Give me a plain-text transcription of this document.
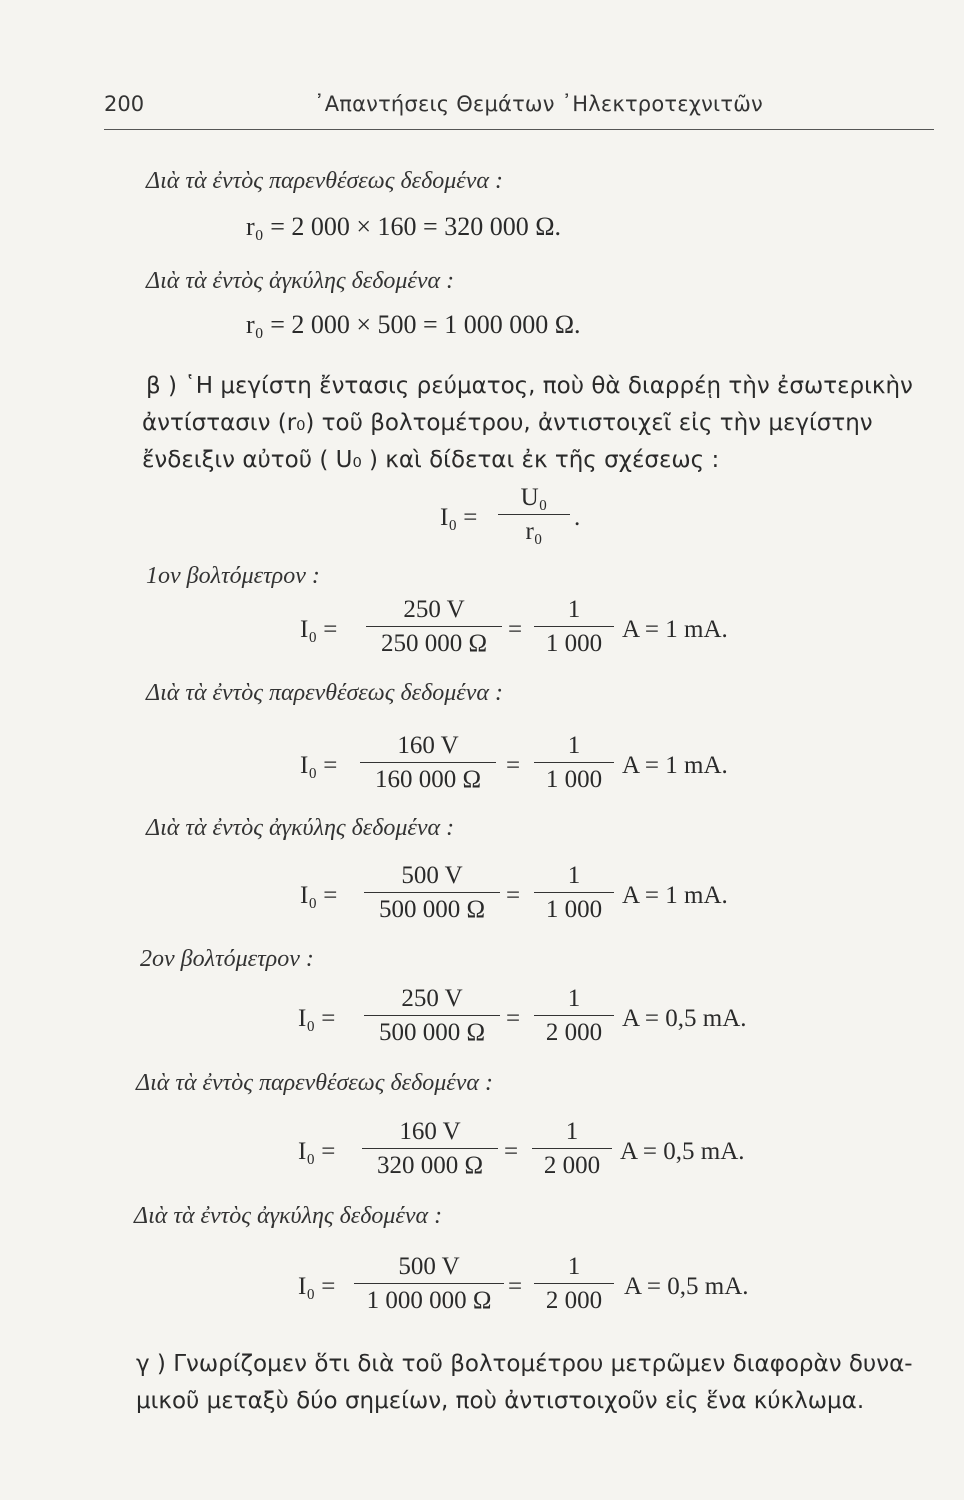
200	᾿Απαντήσεις Θεμάτων ᾿Ηλεκτροτεχνιτῶν
Διὰ τὰ ἐντὸς παρενθέσεως δεδομένα :
r₀ = 2 000 × 160 = 320 000 Ω.
Διὰ τὰ ἐντὸς ἀγκύλης δεδομένα :
r₀ = 2 000 × 500 = 1 000 000 Ω.
β ) ῾Η μεγίστη ἔντασις ρεύματος, ποὺ θὰ διαρρέῃ τὴν ἐσωτερικὴν
ἀντίστασιν (r₀) τοῦ βολτομέτρου, ἀντιστοιχεῖ εἰς τὴν μεγίστην
ἔνδειξιν αὐτοῦ ( U₀ ) καὶ δίδεται ἐκ τῆς σχέσεως :
I₀ =
U₀
r₀
.
1ον βολτόμετρον :
I₀ =
250 V
250 000 Ω
=
1
1 000
A = 1 mA.
Διὰ τὰ ἐντὸς παρενθέσεως δεδομένα :
I₀ =
160 V
160 000 Ω
=
1
1 000
A = 1 mA.
Διὰ τὰ ἐντὸς ἀγκύλης δεδομένα :
I₀ =
500 V
500 000 Ω
=
1
1 000
A = 1 mA.
2ον βολτόμετρον :
I₀ =
250 V
500 000 Ω
=
1
2 000
A = 0,5 mA.
Διὰ τὰ ἐντὸς παρενθέσεως δεδομένα :
I₀ =
160 V
320 000 Ω
=
1
2 000
A = 0,5 mA.
Διὰ τὰ ἐντὸς ἀγκύλης δεδομένα :
I₀ =
500 V
1 000 000 Ω
=
1
2 000
A = 0,5 mA.
γ ) Γνωρίζομεν ὅτι διὰ τοῦ βολτομέτρου μετρῶμεν διαφορὰν δυνα-
μικοῦ μεταξὺ δύο σημείων, ποὺ ἀντιστοιχοῦν εἰς ἕνα κύκλωμα.
